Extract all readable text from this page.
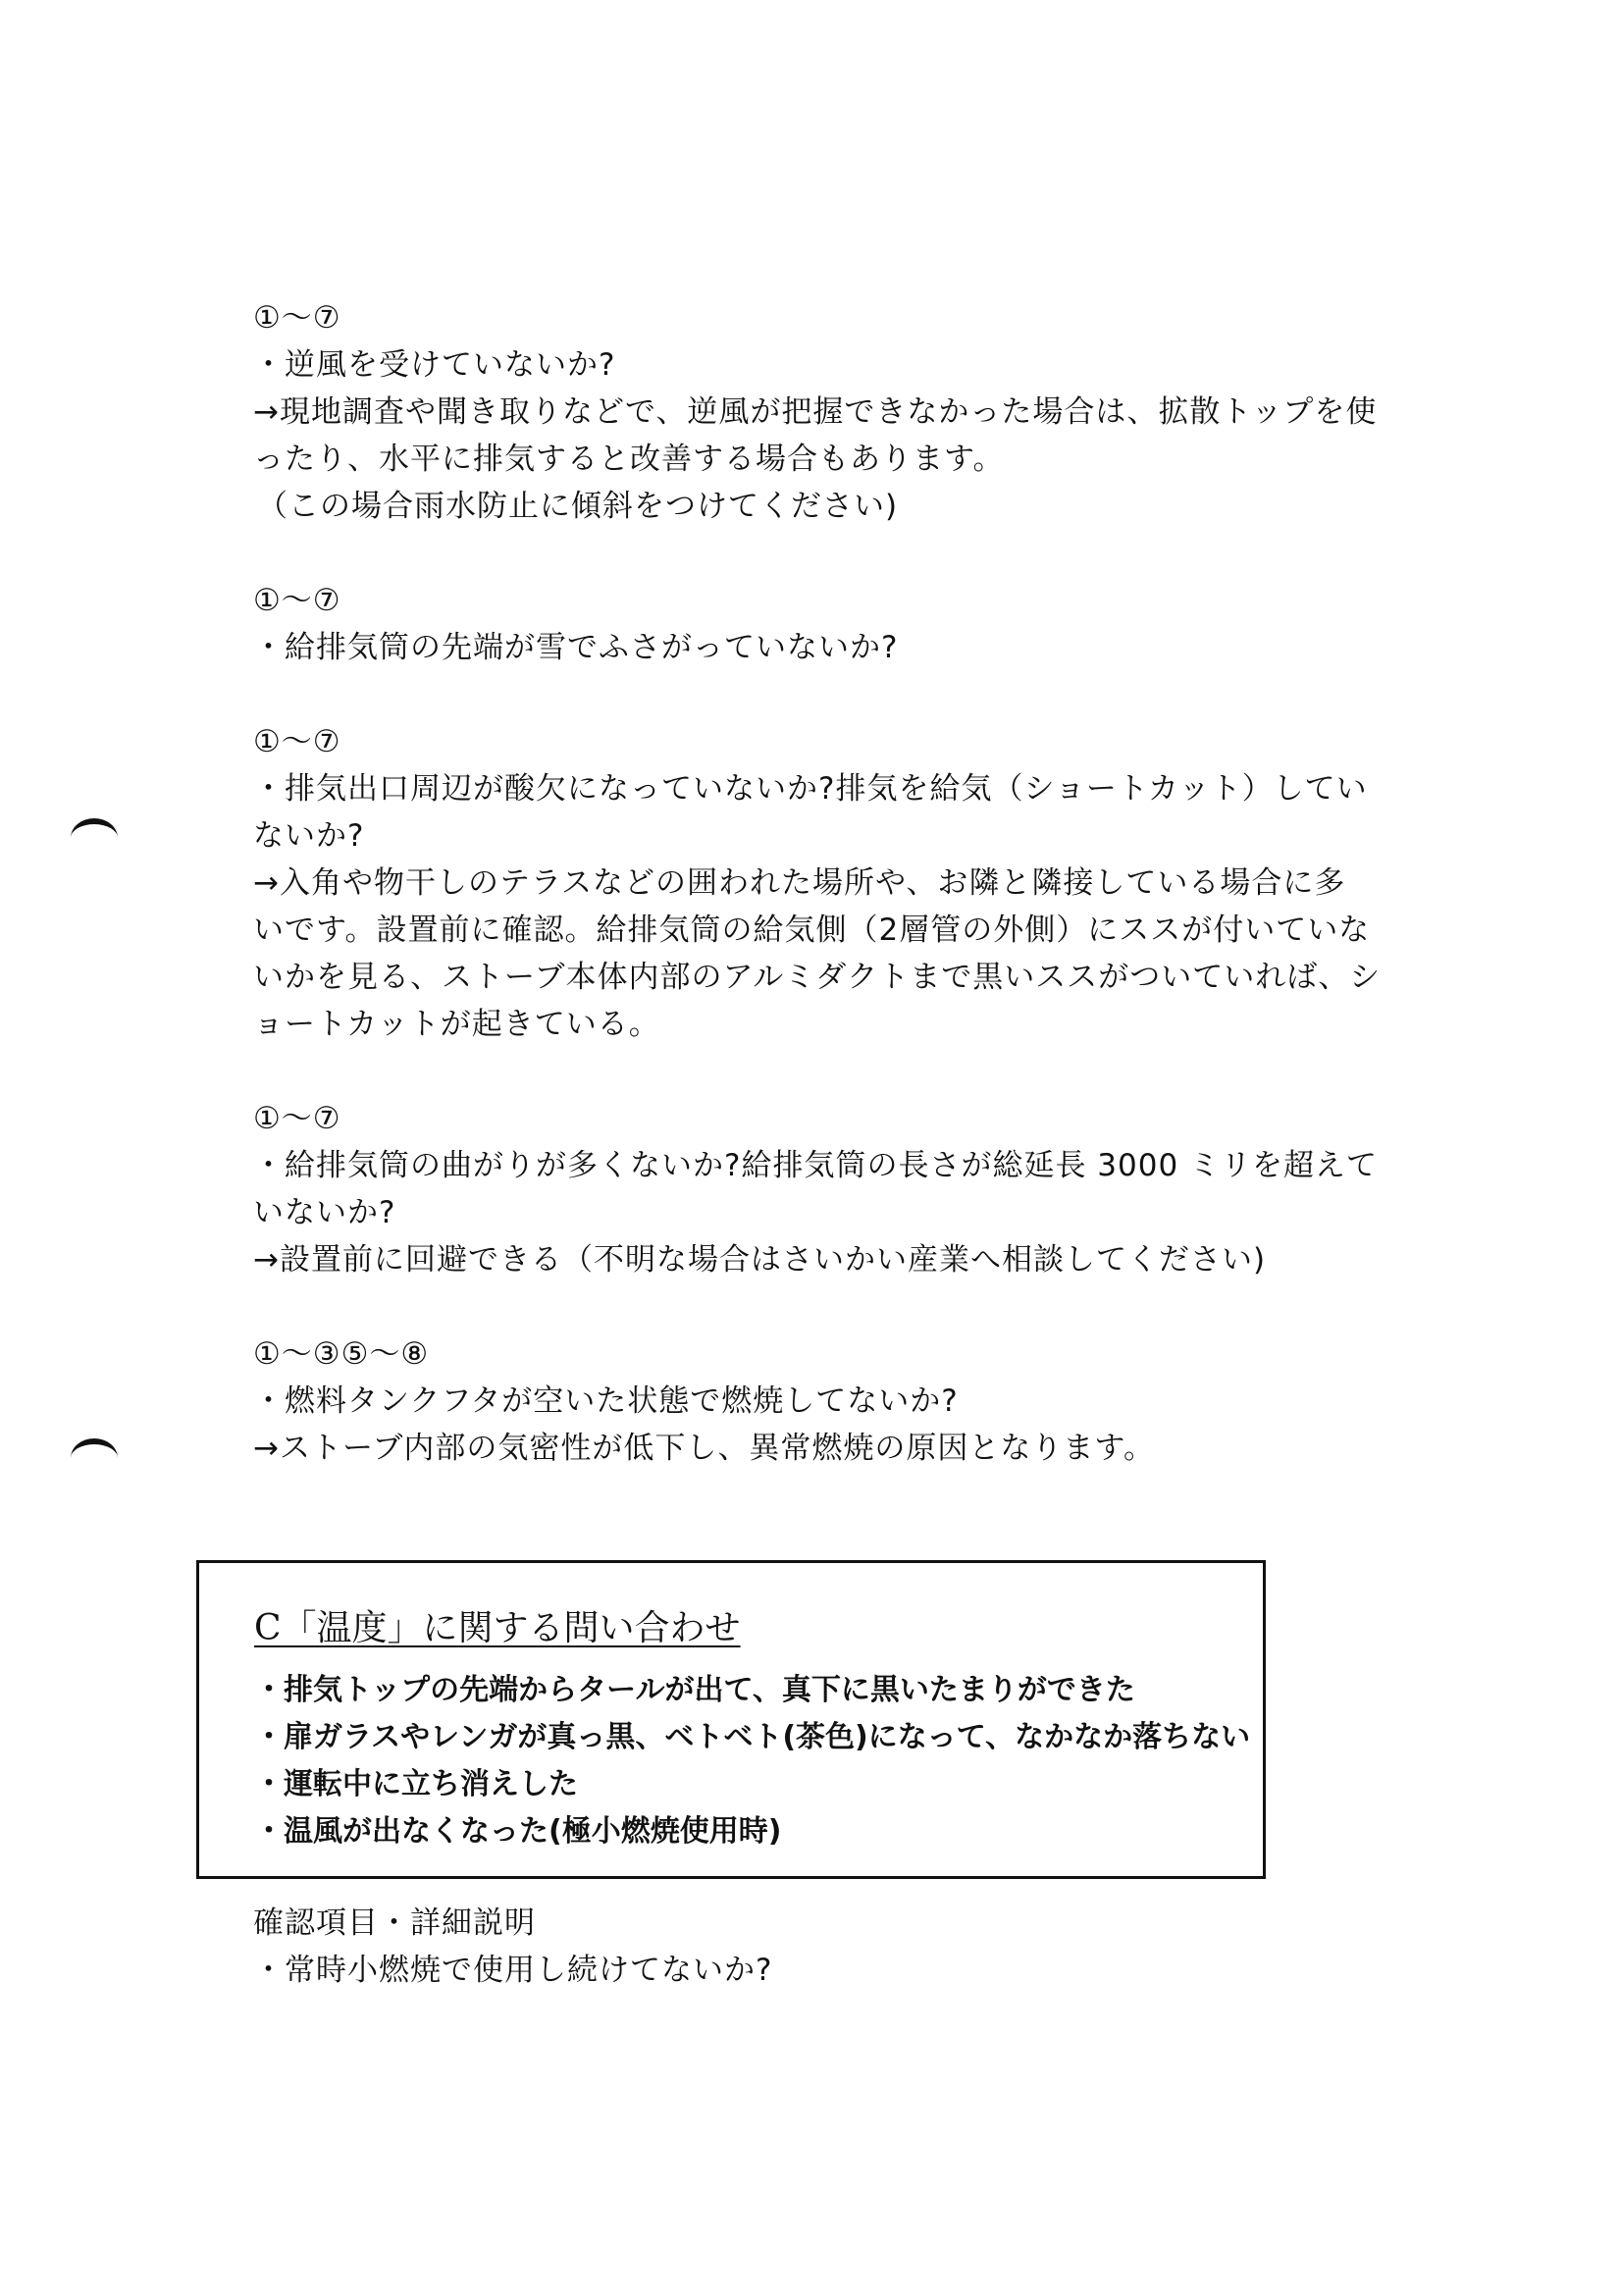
①〜⑦
・逆風を受けていないか?
→現地調査や聞き取りなどで、逆風が把握できなかった場合は、拡散トップを使
ったり、水平に排気すると改善する場合もあります。
（この場合雨水防止に傾斜をつけてください)
①〜⑦
・給排気筒の先端が雪でふさがっていないか?
①〜⑦
・排気出口周辺が酸欠になっていないか?排気を給気（ショートカット）してい
ないか?
→入角や物干しのテラスなどの囲われた場所や、お隣と隣接している場合に多
いです。設置前に確認。給排気筒の給気側（2層管の外側）にススが付いていな
いかを見る、ストーブ本体内部のアルミダクトまで黒いススがついていれば、シ
ョートカットが起きている。
①〜⑦
・給排気筒の曲がりが多くないか?給排気筒の長さが総延長 3000 ミリを超えて
いないか?
→設置前に回避できる（不明な場合はさいかい産業へ相談してください)
①〜③⑤〜⑧
・燃料タンクフタが空いた状態で燃焼してないか?
→ストーブ内部の気密性が低下し、異常燃焼の原因となります。
C「温度」に関する問い合わせ
・排気トップの先端からタールが出て、真下に黒いたまりができた
・扉ガラスやレンガが真っ黒、ベトベト(茶色)になって、なかなか落ちない
・運転中に立ち消えした
・温風が出なくなった(極小燃焼使用時)
確認項目・詳細説明
・常時小燃焼で使用し続けてないか?
